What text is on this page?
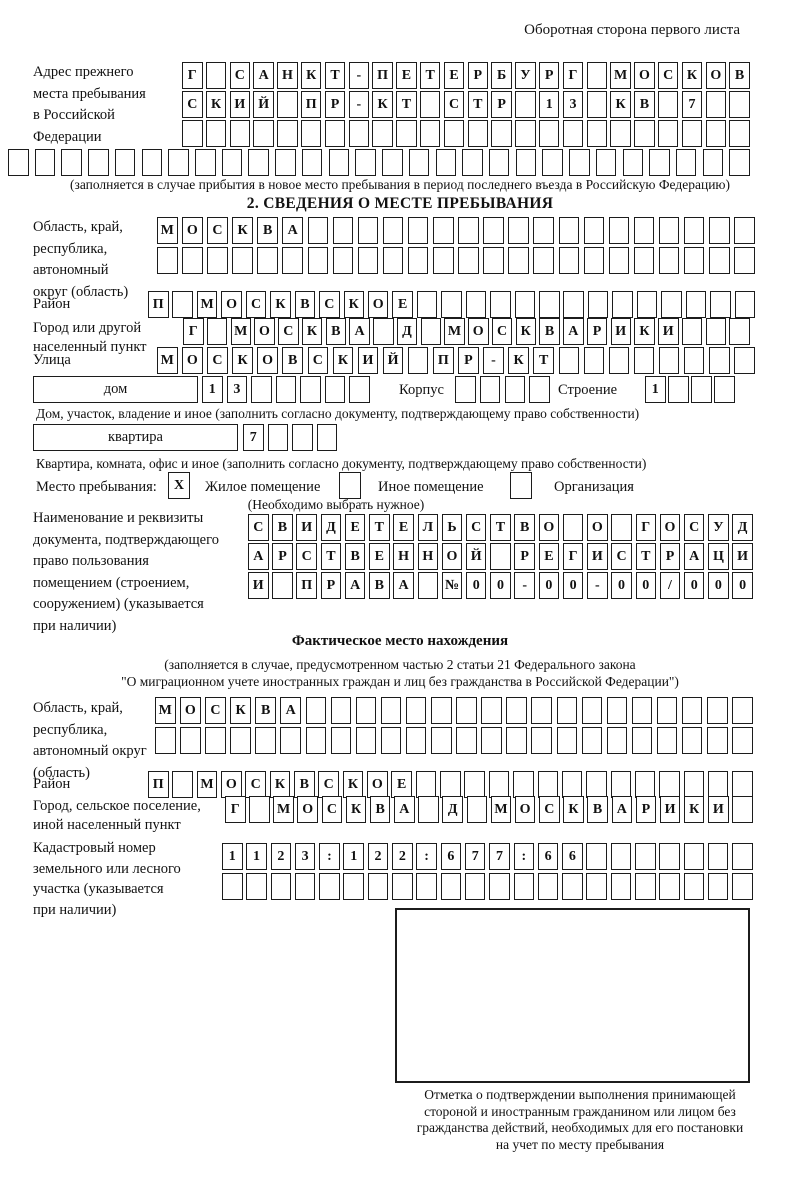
Оборотная сторона первого листа
Адрес прежнего
места пребывания
в Российской
Федерации
Г	С А Н К	Т	-	П Е	Т	Е	Р	Б	У	Р	Г	М О С К О В
С К И Й	П	Р	-	К	Т	С	Т	Р	1	3	К	В	7
(заполняется в случае прибытия в новое место пребывания в период последнего въезда в Российскую Федерацию)
2. СВЕДЕНИЯ О МЕСТЕ ПРЕБЫВАНИЯ
Область, край,
республика,
автономный
округ (область)
М О	С	К	В	А
Район	П	М О С	К	В	С	К О	Е
Город или другой
населенный пункт
Г	М О С К	В	А	Д	М О С К	В	А	Р	И К И
Улица	М О	С	К	О	В	С	К	И	Й	П	Р	-	К	Т
дом	1	3	Корпус	Строение	1
Дом, участок, владение и иное (заполнить согласно документу, подтверждающему право собственности)
квартира	7
Квартира, комната, офис и иное (заполнить согласно документу, подтверждающему право собственности)
Место пребывания:	X	Жилое помещение	Иное помещение	Организация
(Необходимо выбрать нужное)
Наименование и реквизиты
документа, подтверждающего
право пользования
помещением (строением,
сооружением) (указывается
при наличии)
С	В	И Д	Е	Т	Е	Л	Ь	С	Т	В	О	О	Г	О С	У	Д
А	Р	С	Т	В	Е	Н Н О Й	Р	Е	Г	И С	Т	Р	А Ц И
И	П	Р	А	В	А	№ 0	0	-	0	0	-	0	0	/	0	0	0
Фактическое место нахождения
(заполняется в случае, предусмотренном частью 2 статьи 21 Федерального закона
"О миграционном учете иностранных граждан и лиц без гражданства в Российской Федерации")
Область, край,
республика,
автономный округ
(область)
М О	С	К	В	А
Район	П	М О С	К	В	С	К О	Е
Город, сельское поселение,
иной населенный пункт
Г	М О С	К	В	А	Д	М О С	К	В	А	Р	И К И
Кадастровый номер
земельного или лесного
участка (указывается
при наличии)
1	1	2	3	:	1	2	2	:	6	7	7	:	6	6
Отметка о подтверждении выполнения принимающей
стороной и иностранным гражданином или лицом без
гражданства действий, необходимых для его постановки
на учет по месту пребывания
